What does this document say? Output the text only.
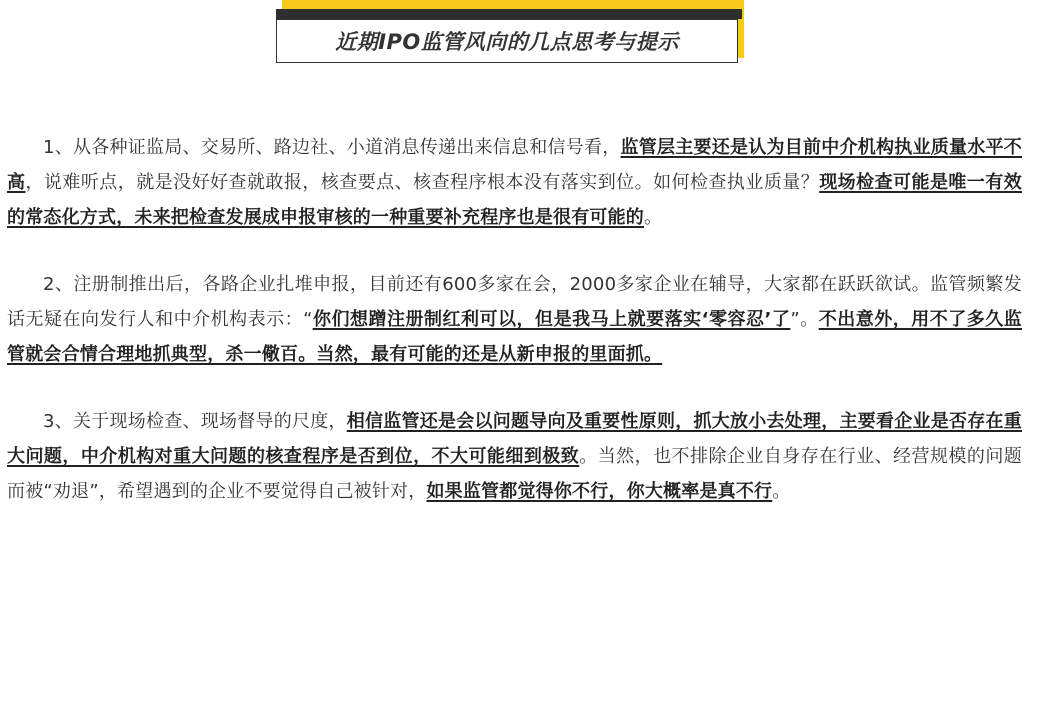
近期IPO监管风向的几点思考与提示

1、从各种证监局、交易所、路边社、小道消息传递出来信息和信号看，监管层主要还是认为目前中介机构执业质量水平不高，说难听点，就是没好好查就敢报，核查要点、核查程序根本没有落实到位。如何检查执业质量？现场检查可能是唯一有效的常态化方式，未来把检查发展成申报审核的一种重要补充程序也是很有可能的。

2、注册制推出后，各路企业扎堆申报，目前还有600多家在会，2000多家企业在辅导，大家都在跃跃欲试。监管频繁发话无疑在向发行人和中介机构表示：“你们想蹭注册制红利可以，但是我马上就要落实‘零容忍’了”。不出意外，用不了多久监管就会合情合理地抓典型，杀一儆百。当然，最有可能的还是从新申报的里面抓。

3、关于现场检查、现场督导的尺度，相信监管还是会以问题导向及重要性原则，抓大放小去处理，主要看企业是否存在重大问题，中介机构对重大问题的核查程序是否到位，不大可能细到极致。当然，也不排除企业自身存在行业、经营规模的问题而被“劝退”，希望遇到的企业不要觉得自己被针对，如果监管都觉得你不行，你大概率是真不行。
